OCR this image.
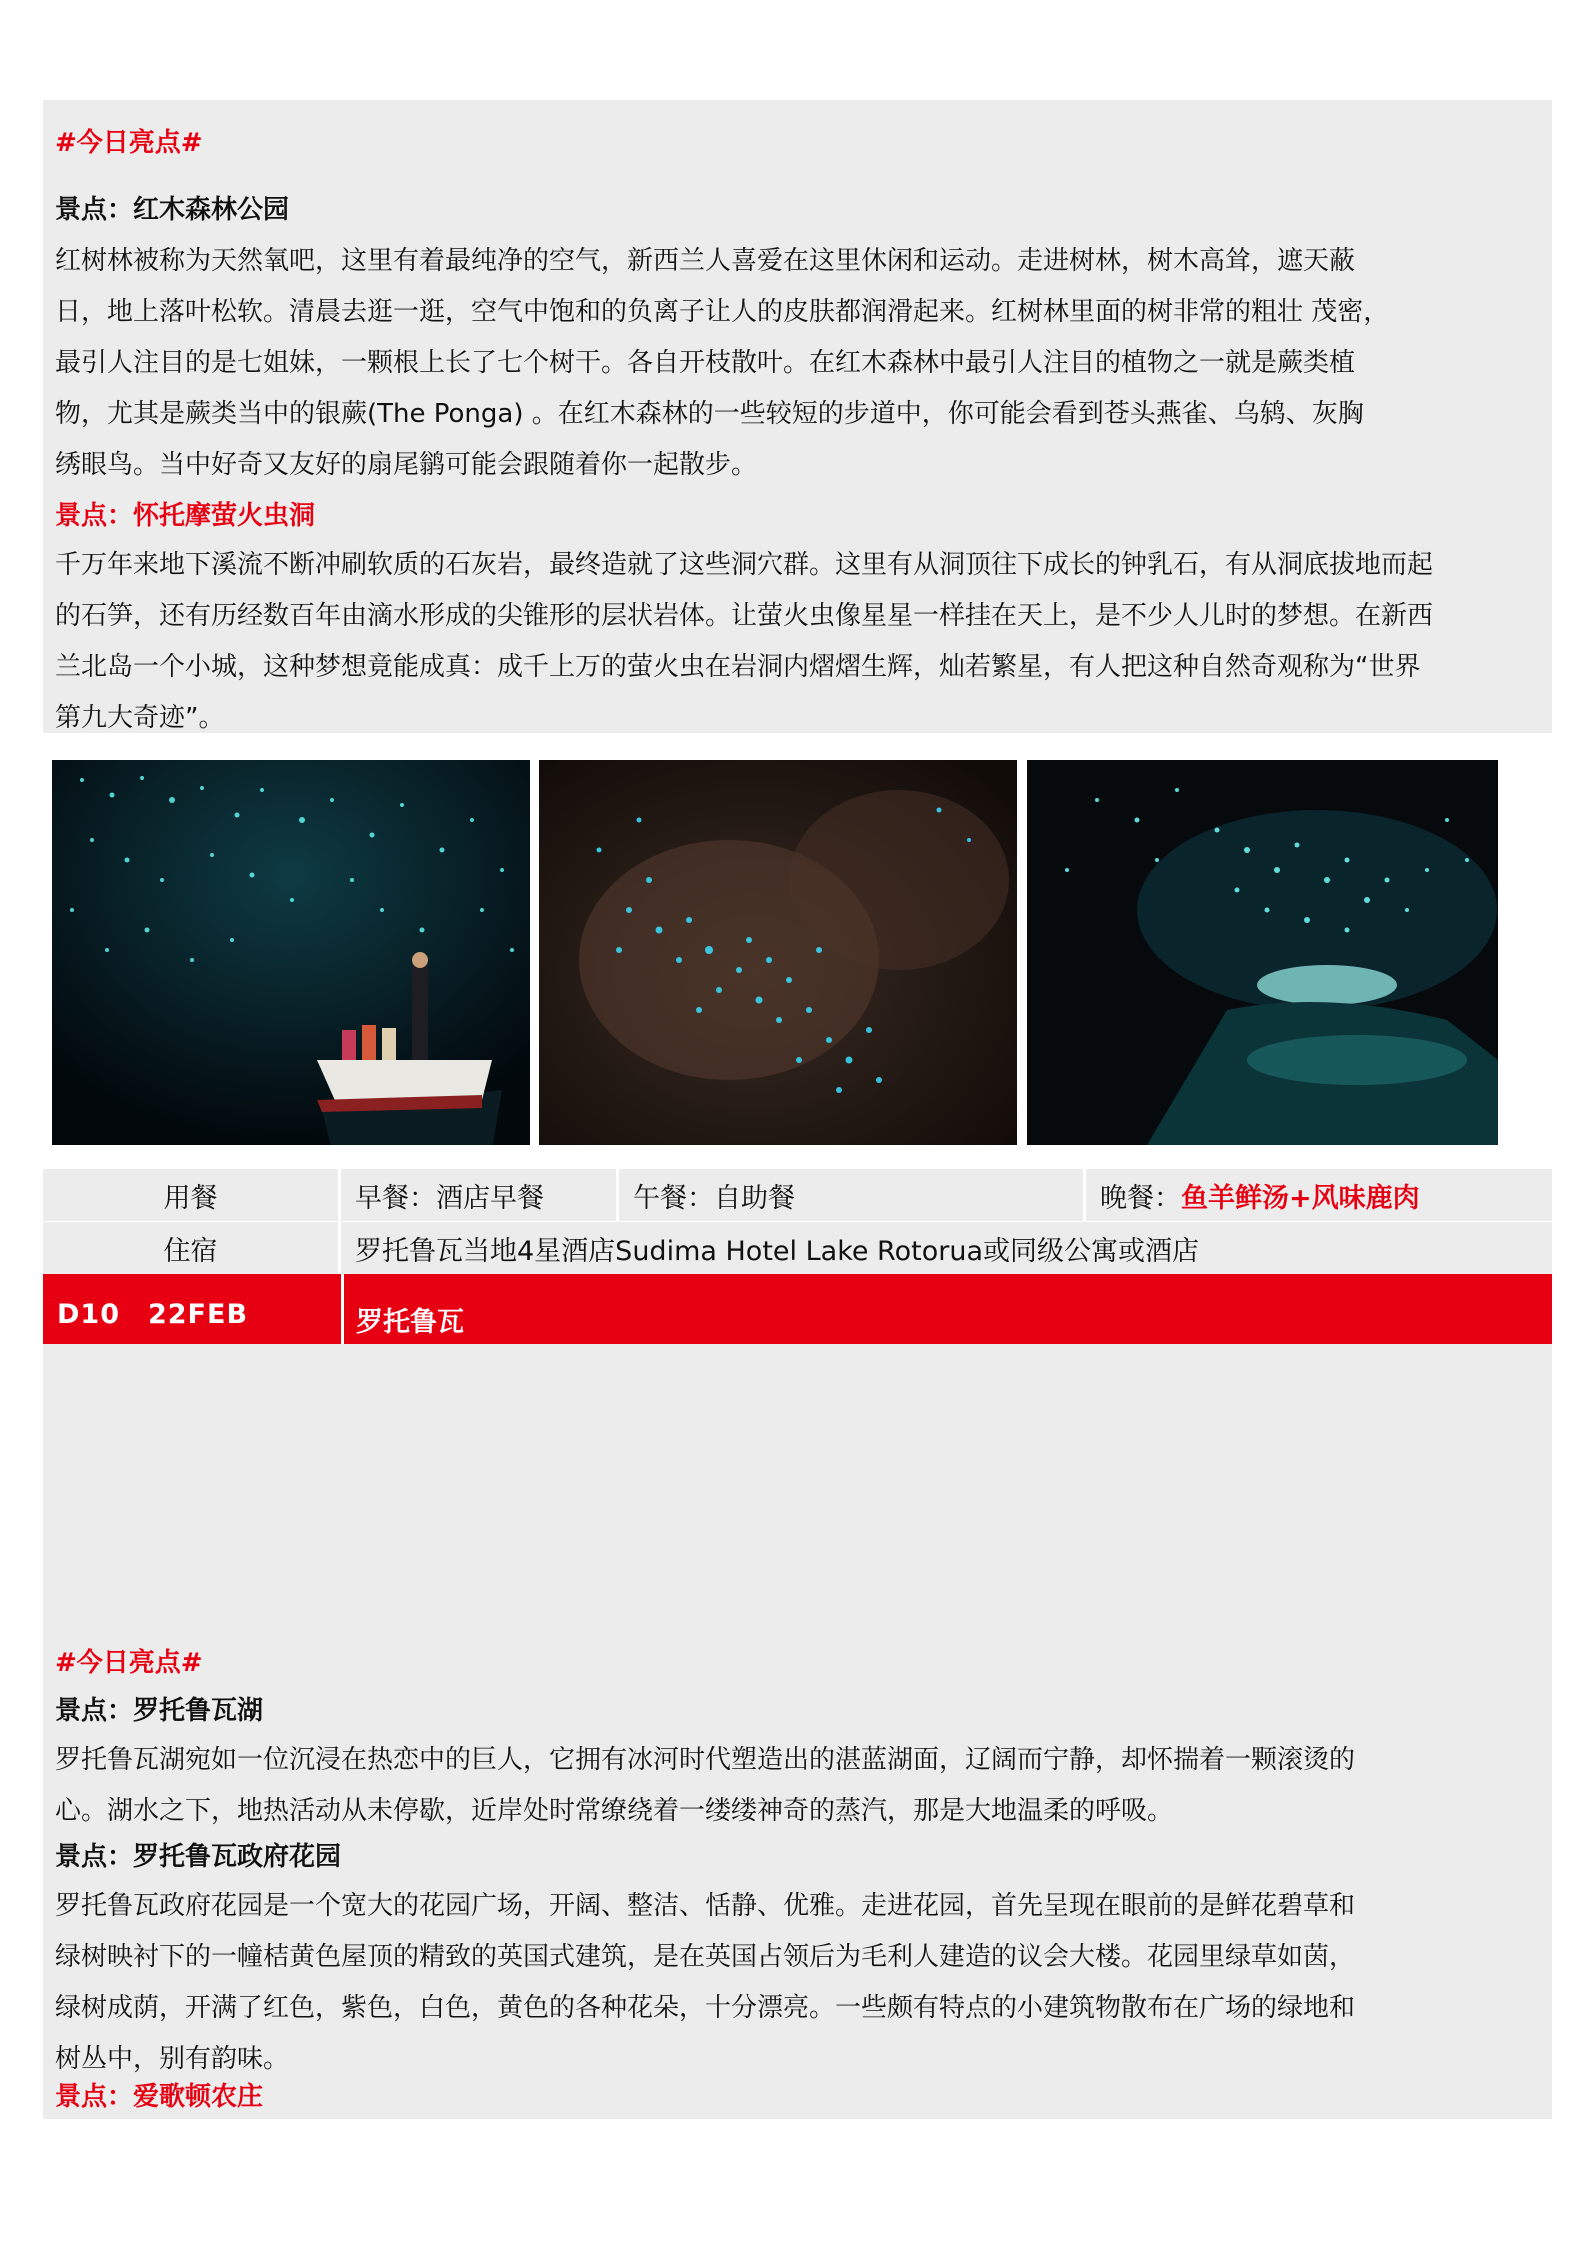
#今日亮点#
景点：红木森林公园
红树林被称为天然氧吧，这里有着最纯净的空气，新西兰人喜爱在这里休闲和运动。走进树林，树木高耸，遮天蔽
日，地上落叶松软。清晨去逛一逛，空气中饱和的负离子让人的皮肤都润滑起来。红树林里面的树非常的粗壮 茂密，
最引人注目的是七姐妹，一颗根上长了七个树干。各自开枝散叶。在红木森林中最引人注目的植物之一就是蕨类植
物，尤其是蕨类当中的银蕨(The Ponga) 。在红木森林的一些较短的步道中，你可能会看到苍头燕雀、乌鸫、灰胸
绣眼鸟。当中好奇又友好的扇尾鹟可能会跟随着你一起散步。
景点：怀托摩萤火虫洞
千万年来地下溪流不断冲刷软质的石灰岩，最终造就了这些洞穴群。这里有从洞顶往下成长的钟乳石，有从洞底拔地而起
的石笋，还有历经数百年由滴水形成的尖锥形的层状岩体。让萤火虫像星星一样挂在天上，是不少人儿时的梦想。在新西
兰北岛一个小城，这种梦想竟能成真：成千上万的萤火虫在岩洞内熠熠生辉，灿若繁星，有人把这种自然奇观称为“世界
第九大奇迹”。
用餐	早餐：酒店早餐	午餐：自助餐	晚餐：鱼羊鲜汤+风味鹿肉
住宿	罗托鲁瓦当地4星酒店Sudima Hotel Lake Rotorua或同级公寓或酒店
D10　22FEB	罗托鲁瓦
#今日亮点#
景点：罗托鲁瓦湖
罗托鲁瓦湖宛如一位沉浸在热恋中的巨人，它拥有冰河时代塑造出的湛蓝湖面，辽阔而宁静，却怀揣着一颗滚烫的
心。湖水之下，地热活动从未停歇，近岸处时常缭绕着一缕缕神奇的蒸汽，那是大地温柔的呼吸。
景点：罗托鲁瓦政府花园
罗托鲁瓦政府花园是一个宽大的花园广场，开阔、整洁、恬静、优雅。走进花园，首先呈现在眼前的是鲜花碧草和
绿树映衬下的一幢桔黄色屋顶的精致的英国式建筑，是在英国占领后为毛利人建造的议会大楼。花园里绿草如茵，
绿树成荫，开满了红色，紫色，白色，黄色的各种花朵，十分漂亮。一些颇有特点的小建筑物散布在广场的绿地和
树丛中，别有韵味。
景点：爱歌顿农庄
